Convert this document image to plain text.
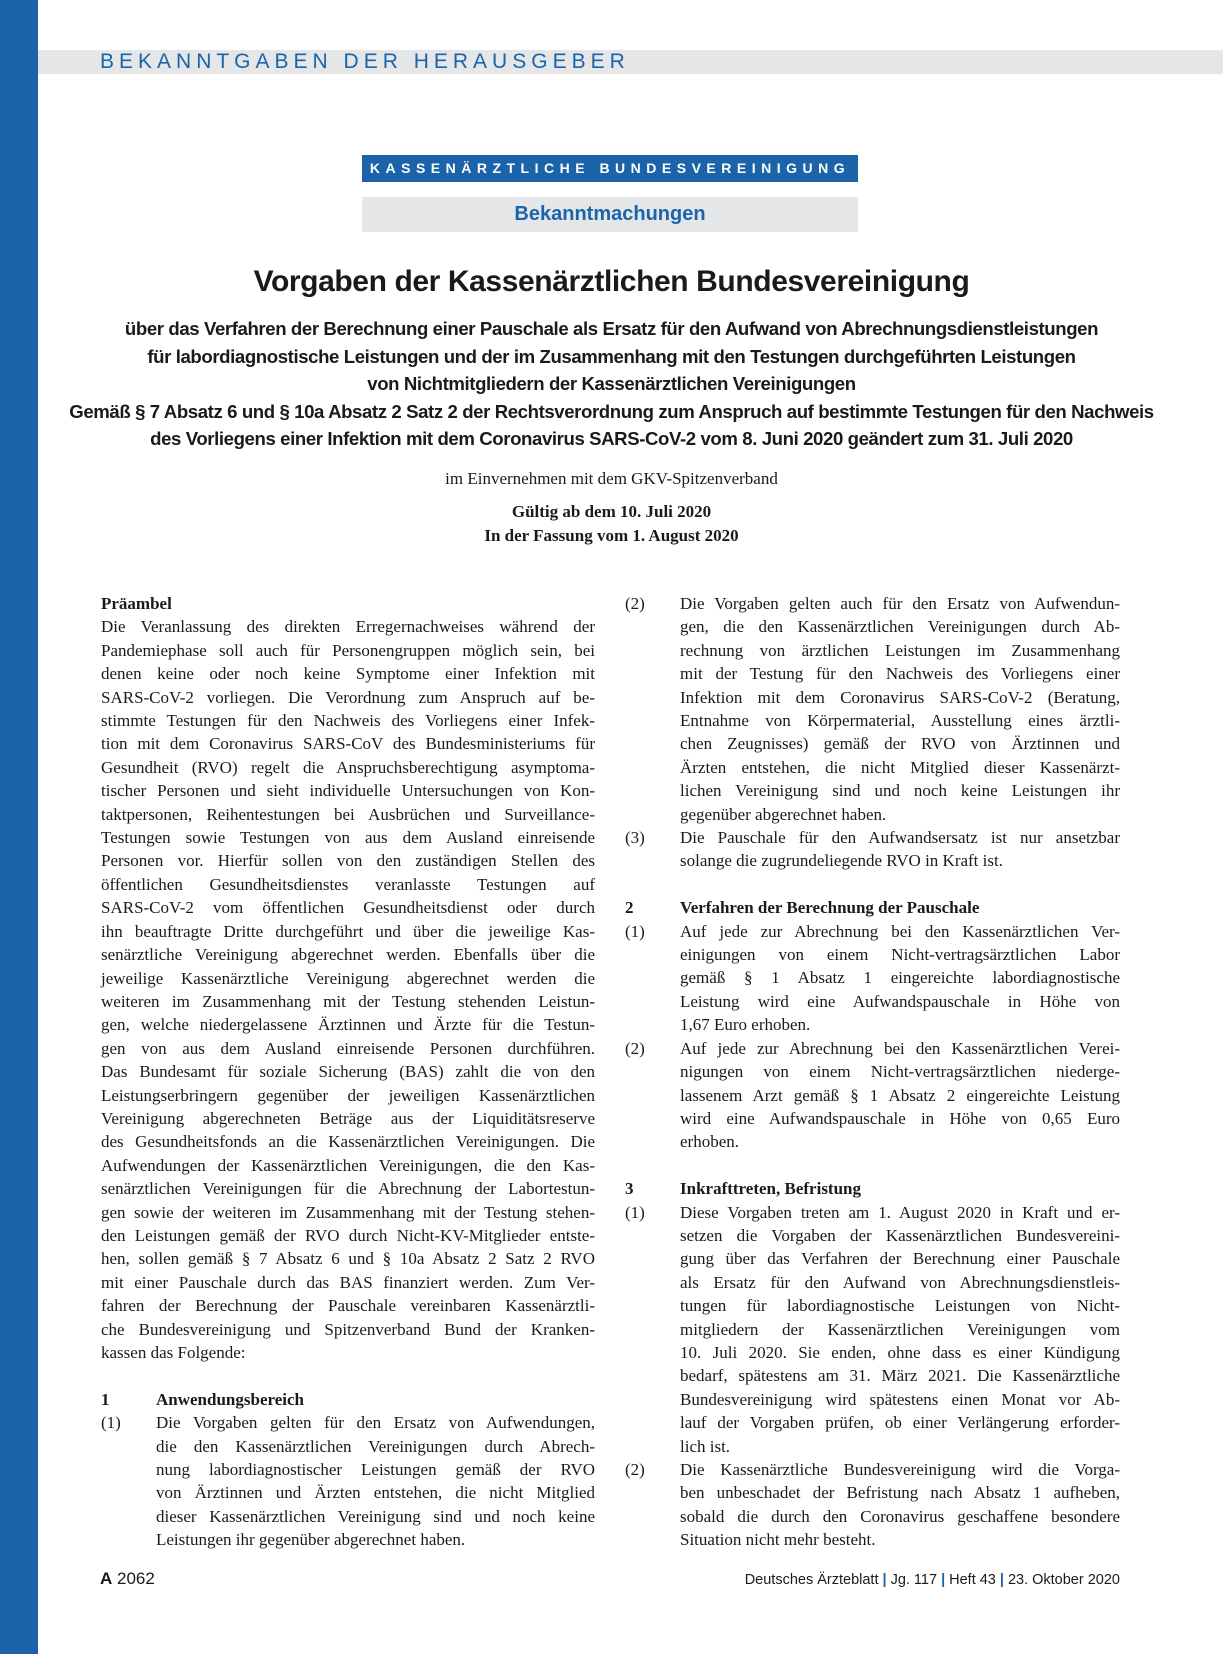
BEKANNTGABEN DER HERAUSGEBER
KASSENÄRZTLICHE BUNDESVEREINIGUNG
Bekanntmachungen
Vorgaben der Kassenärztlichen Bundesvereinigung
über das Verfahren der Berechnung einer Pauschale als Ersatz für den Aufwand von Abrechnungsdienstleistungen
für labordiagnostische Leistungen und der im Zusammenhang mit den Testungen durchgeführten Leistungen
von Nichtmitgliedern der Kassenärztlichen Vereinigungen
Gemäß § 7 Absatz 6 und § 10a Absatz 2 Satz 2 der Rechtsverordnung zum Anspruch auf bestimmte Testungen für den Nachweis
des Vorliegens einer Infektion mit dem Coronavirus SARS-CoV-2 vom 8. Juni 2020 geändert zum 31. Juli 2020
im Einvernehmen mit dem GKV-Spitzenverband
Gültig ab dem 10. Juli 2020
In der Fassung vom 1. August 2020
Präambel
Die Veranlassung des direkten Erregernachweises während der
Pandemiephase soll auch für Personengruppen möglich sein, bei
denen keine oder noch keine Symptome einer Infektion mit
SARS-CoV-2 vorliegen. Die Verordnung zum Anspruch auf be-
stimmte Testungen für den Nachweis des Vorliegens einer Infek-
tion mit dem Coronavirus SARS-CoV des Bundesministeriums für
Gesundheit (RVO) regelt die Anspruchsberechtigung asymptoma-
tischer Personen und sieht individuelle Untersuchungen von Kon-
taktpersonen, Reihentestungen bei Ausbrüchen und Surveillance-
Testungen sowie Testungen von aus dem Ausland einreisende
Personen vor. Hierfür sollen von den zuständigen Stellen des
öffentlichen Gesundheitsdienstes veranlasste Testungen auf
SARS-CoV-2 vom öffentlichen Gesundheitsdienst oder durch
ihn beauftragte Dritte durchgeführt und über die jeweilige Kas-
senärztliche Vereinigung abgerechnet werden. Ebenfalls über die
jeweilige Kassenärztliche Vereinigung abgerechnet werden die
weiteren im Zusammenhang mit der Testung stehenden Leistun-
gen, welche niedergelassene Ärztinnen und Ärzte für die Testun-
gen von aus dem Ausland einreisende Personen durchführen.
Das Bundesamt für soziale Sicherung (BAS) zahlt die von den
Leistungserbringern gegenüber der jeweiligen Kassenärztlichen
Vereinigung abgerechneten Beträge aus der Liquiditätsreserve
des Gesundheitsfonds an die Kassenärztlichen Vereinigungen. Die
Aufwendungen der Kassenärztlichen Vereinigungen, die den Kas-
senärztlichen Vereinigungen für die Abrechnung der Labortestun-
gen sowie der weiteren im Zusammenhang mit der Testung stehen-
den Leistungen gemäß der RVO durch Nicht-KV-Mitglieder entste-
hen, sollen gemäß § 7 Absatz 6 und § 10a Absatz 2 Satz 2 RVO
mit einer Pauschale durch das BAS finanziert werden. Zum Ver-
fahren der Berechnung der Pauschale vereinbaren Kassenärztli-
che Bundesvereinigung und Spitzenverband Bund der Kranken-
kassen das Folgende:
1	Anwendungsbereich
(1)	Die Vorgaben gelten für den Ersatz von Aufwendungen,
die den Kassenärztlichen Vereinigungen durch Abrech-
nung labordiagnostischer Leistungen gemäß der RVO
von Ärztinnen und Ärzten entstehen, die nicht Mitglied
dieser Kassenärztlichen Vereinigung sind und noch keine
Leistungen ihr gegenüber abgerechnet haben.
(2)	Die Vorgaben gelten auch für den Ersatz von Aufwendun-
gen, die den Kassenärztlichen Vereinigungen durch Ab-
rechnung von ärztlichen Leistungen im Zusammenhang
mit der Testung für den Nachweis des Vorliegens einer
Infektion mit dem Coronavirus SARS-CoV-2 (Beratung,
Entnahme von Körpermaterial, Ausstellung eines ärztli-
chen Zeugnisses) gemäß der RVO von Ärztinnen und
Ärzten entstehen, die nicht Mitglied dieser Kassenärzt-
lichen Vereinigung sind und noch keine Leistungen ihr
gegenüber abgerechnet haben.
(3)	Die Pauschale für den Aufwandsersatz ist nur ansetzbar
solange die zugrundeliegende RVO in Kraft ist.
2	Verfahren der Berechnung der Pauschale
(1)	Auf jede zur Abrechnung bei den Kassenärztlichen Ver-
einigungen von einem Nicht-vertragsärztlichen Labor
gemäß § 1 Absatz 1 eingereichte labordiagnostische
Leistung wird eine Aufwandspauschale in Höhe von
1,67 Euro erhoben.
(2)	Auf jede zur Abrechnung bei den Kassenärztlichen Verei-
nigungen von einem Nicht-vertragsärztlichen niederge-
lassenem Arzt gemäß § 1 Absatz 2 eingereichte Leistung
wird eine Aufwandspauschale in Höhe von 0,65 Euro
erhoben.
3	Inkrafttreten, Befristung
(1)	Diese Vorgaben treten am 1. August 2020 in Kraft und er-
setzen die Vorgaben der Kassenärztlichen Bundesvereini-
gung über das Verfahren der Berechnung einer Pauschale
als Ersatz für den Aufwand von Abrechnungsdienstleis-
tungen für labordiagnostische Leistungen von Nicht-
mitgliedern der Kassenärztlichen Vereinigungen vom
10. Juli 2020. Sie enden, ohne dass es einer Kündigung
bedarf, spätestens am 31. März 2021. Die Kassenärztliche
Bundesvereinigung wird spätestens einen Monat vor Ab-
lauf der Vorgaben prüfen, ob einer Verlängerung erforder-
lich ist.
(2)	Die Kassenärztliche Bundesvereinigung wird die Vorga-
ben unbeschadet der Befristung nach Absatz 1 aufheben,
sobald die durch den Coronavirus geschaffene besondere
Situation nicht mehr besteht.
A 2062	Deutsches Ärzteblatt | Jg. 117 | Heft 43 | 23. Oktober 2020
